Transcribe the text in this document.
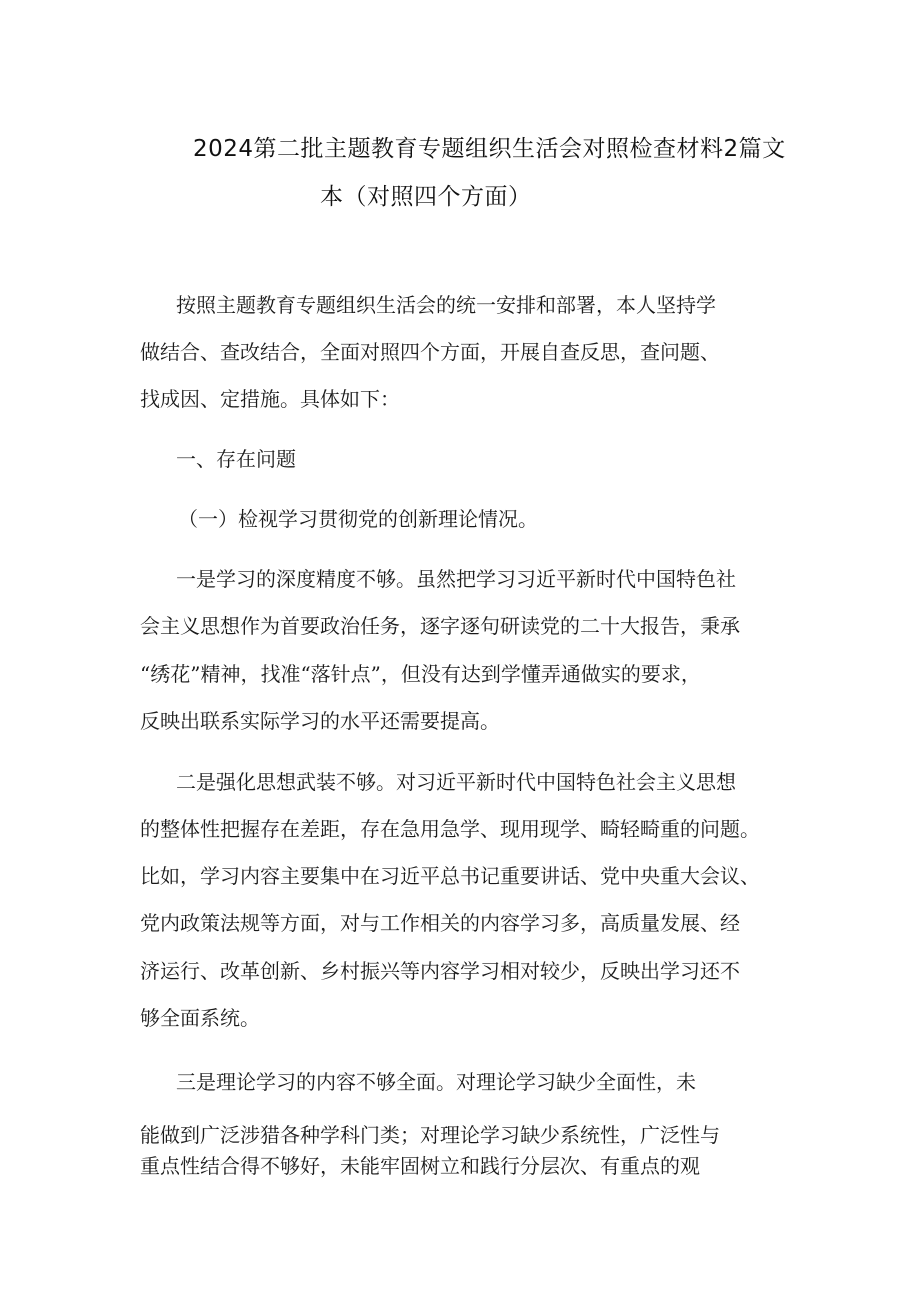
2024第二批主题教育专题组织生活会对照检查材料2篇文
本（对照四个方面）
按照主题教育专题组织生活会的统一安排和部署，本人坚持学
做结合、查改结合，全面对照四个方面，开展自查反思，查问题、
找成因、定措施。具体如下：
一、存在问题
（一）检视学习贯彻党的创新理论情况。
一是学习的深度精度不够。虽然把学习习近平新时代中国特色社
会主义思想作为首要政治任务，逐字逐句研读党的二十大报告，秉承
“绣花”精神，找准“落针点”，但没有达到学懂弄通做实的要求，
反映出联系实际学习的水平还需要提高。
二是强化思想武装不够。对习近平新时代中国特色社会主义思想
的整体性把握存在差距，存在急用急学、现用现学、畸轻畸重的问题。
比如，学习内容主要集中在习近平总书记重要讲话、党中央重大会议、
党内政策法规等方面，对与工作相关的内容学习多，高质量发展、经
济运行、改革创新、乡村振兴等内容学习相对较少，反映出学习还不
够全面系统。
三是理论学习的内容不够全面。对理论学习缺少全面性，未
能做到广泛涉猎各种学科门类；对理论学习缺少系统性，广泛性与
重点性结合得不够好，未能牢固树立和践行分层次、有重点的观
